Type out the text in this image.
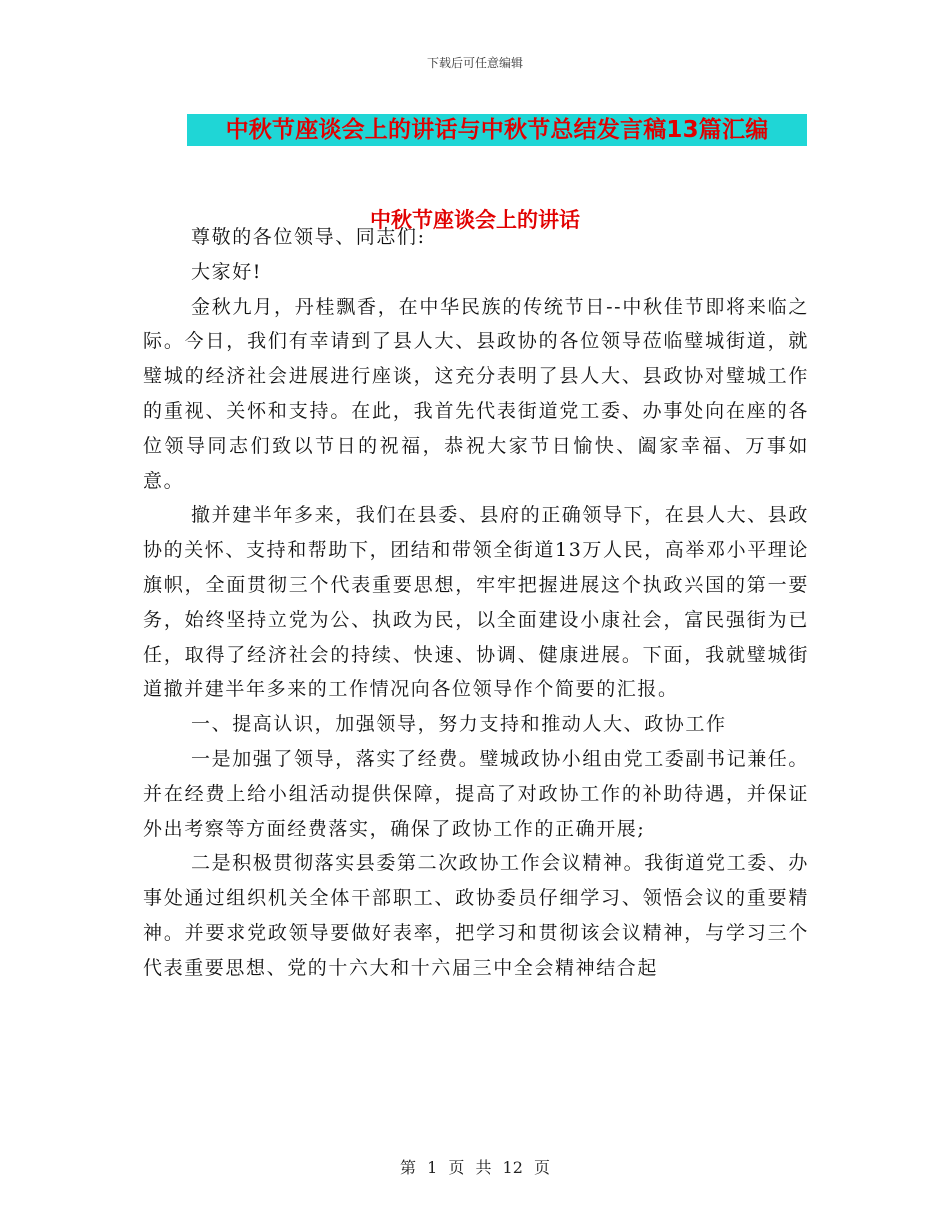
下载后可任意编辑
中秋节座谈会上的讲话与中秋节总结发言稿13篇汇编
中秋节座谈会上的讲话

尊敬的各位领导、同志们:

大家好!

金秋九月，丹桂飘香，在中华民族的传统节日--中秋佳节即将来临之际。今日，我们有幸请到了县人大、县政协的各位领导莅临璧城街道，就璧城的经济社会进展进行座谈，这充分表明了县人大、县政协对璧城工作的重视、关怀和支持。在此，我首先代表街道党工委、办事处向在座的各位领导同志们致以节日的祝福，恭祝大家节日愉快、阖家幸福、万事如意。

撤并建半年多来，我们在县委、县府的正确领导下，在县人大、县政协的关怀、支持和帮助下，团结和带领全街道13万人民，高举邓小平理论旗帜，全面贯彻三个代表重要思想，牢牢把握进展这个执政兴国的第一要务，始终坚持立党为公、执政为民，以全面建设小康社会，富民强街为已任，取得了经济社会的持续、快速、协调、健康进展。下面，我就璧城街道撤并建半年多来的工作情况向各位领导作个简要的汇报。

一、提高认识，加强领导，努力支持和推动人大、政协工作

一是加强了领导，落实了经费。璧城政协小组由党工委副书记兼任。并在经费上给小组活动提供保障，提高了对政协工作的补助待遇，并保证外出考察等方面经费落实，确保了政协工作的正确开展;

二是积极贯彻落实县委第二次政协工作会议精神。我街道党工委、办事处通过组织机关全体干部职工、政协委员仔细学习、领悟会议的重要精神。并要求党政领导要做好表率，把学习和贯彻该会议精神，与学习三个代表重要思想、党的十六大和十六届三中全会精神结合起

第 1 页 共 12 页
